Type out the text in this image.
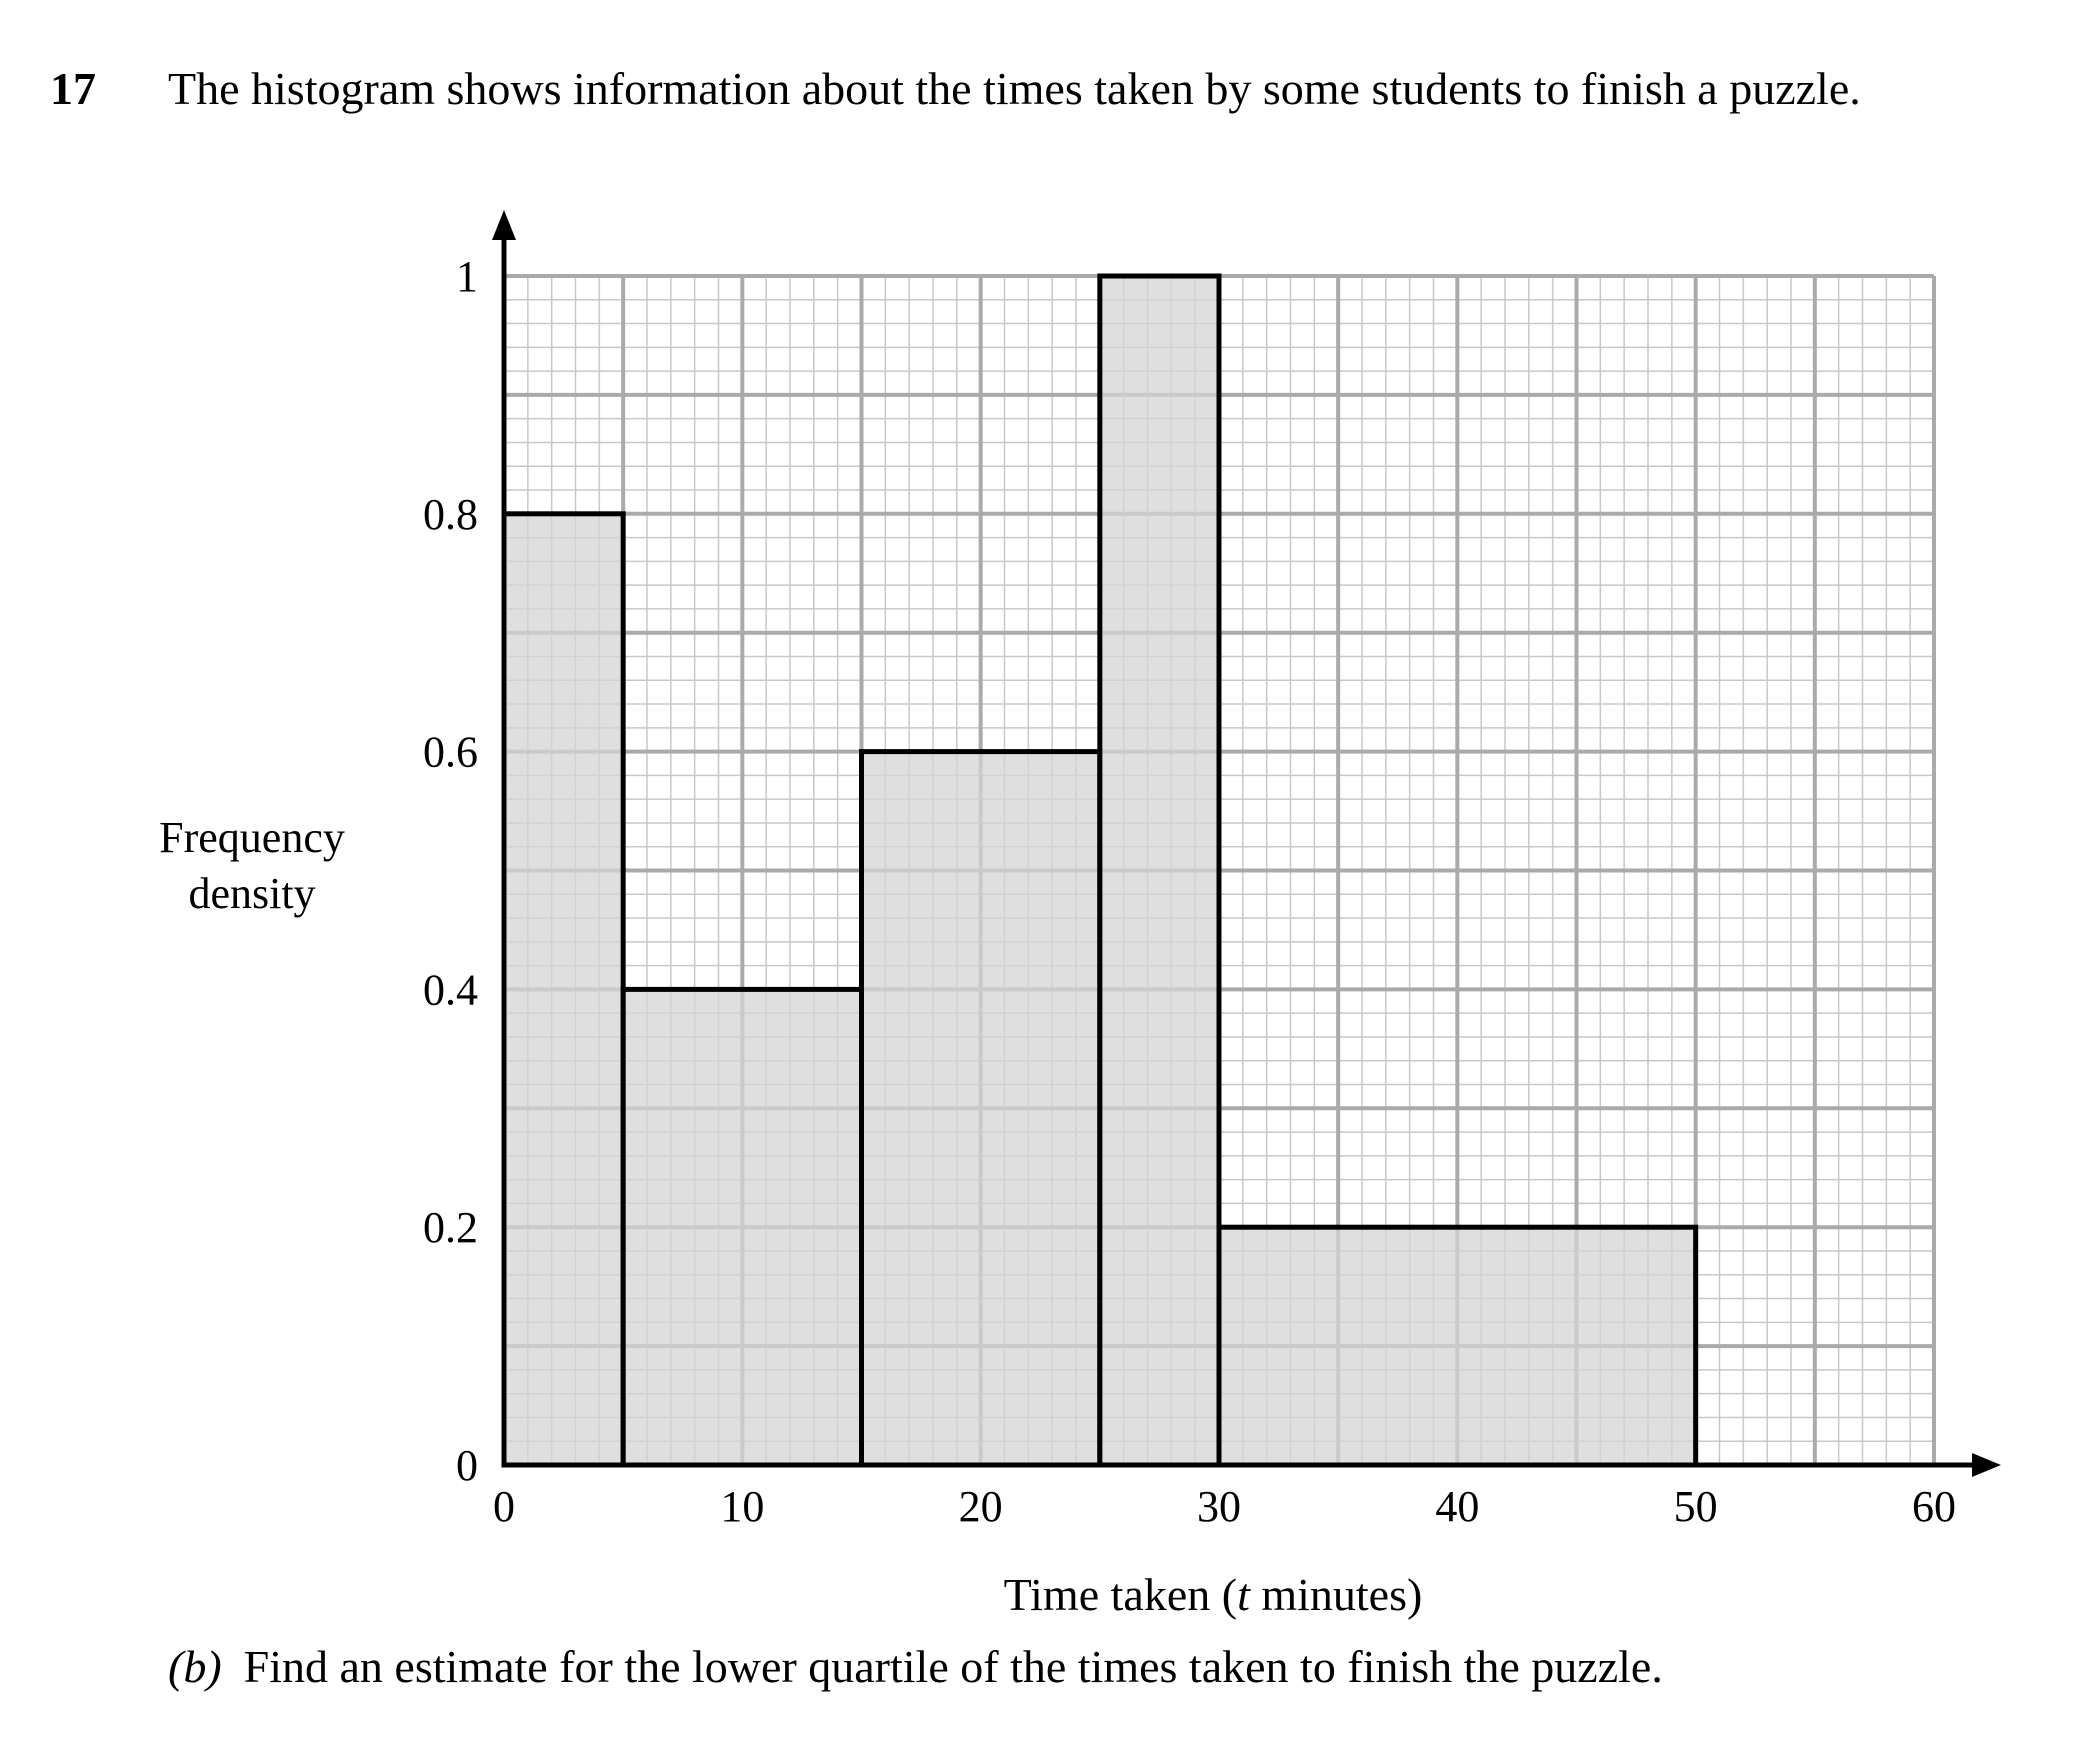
17 The histogram shows information about the times taken by some students to finish a puzzle.
0	10	20	30	40	50	60
0
0.2
0.4
0.6
0.8
1
Frequency
density
Time taken (t minutes)
(b) Find an estimate for the lower quartile of the times taken to finish the puzzle.
